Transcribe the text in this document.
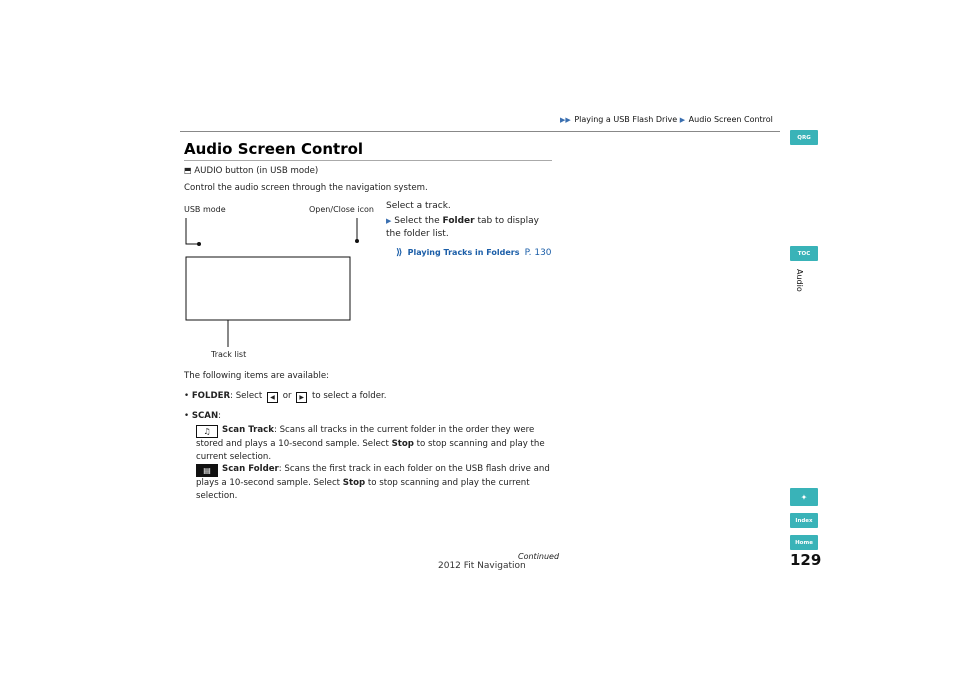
▶▶ Playing a USB Flash Drive ▶ Audio Screen Control
Audio Screen Control
⬒ AUDIO button (in USB mode)
Control the audio screen through the navigation system.
USB mode	Open/Close icon
Track list
Select a track.
▶ Select the Folder tab to display the folder list.
⟫ Playing Tracks in Folders P. 130
The following items are available:
• FOLDER: Select ◀ or ▶ to select a folder.
• SCAN:
♫ Scan Track: Scans all tracks in the current folder in the order they were stored and plays a 10-second sample. Select Stop to stop scanning and play the current selection.
▤ Scan Folder: Scans the first track in each folder on the USB flash drive and plays a 10-second sample. Select Stop to stop scanning and play the current selection.
Continued
2012 Fit Navigation	129
QRG
TOC
Audio
✦
Index
Home
